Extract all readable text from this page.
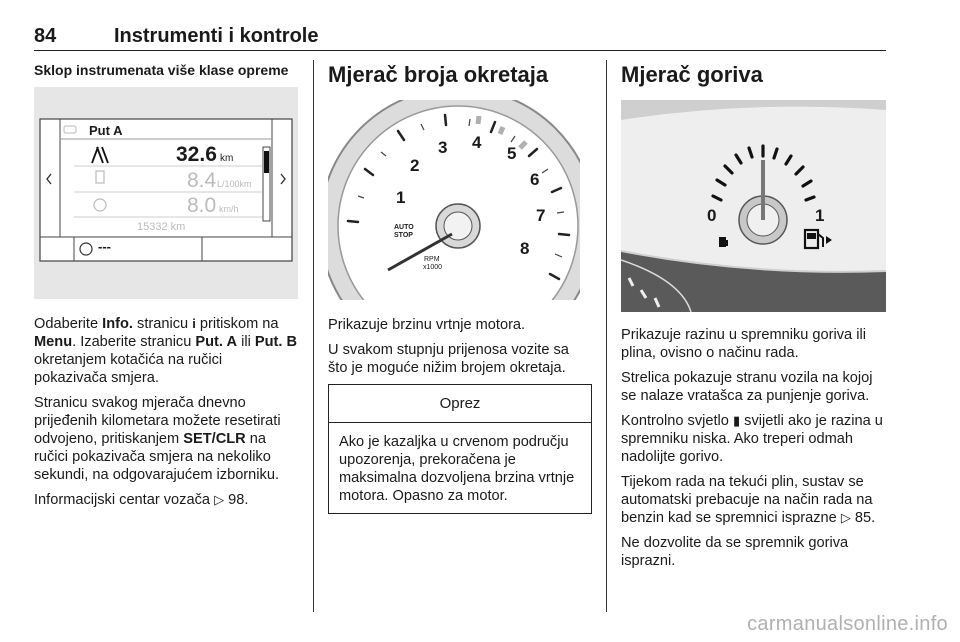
84	Instrumenti i kontrole
Sklop instrumenata više klase opreme
Put A
32.6 km
8.4 L/100km
8.0 km/h
15332 km
---

Odaberite Info. stranicu i pritiskom na Menu. Izaberite stranicu Put. A ili Put. B okretanjem kotačića na ručici pokazivača smjera.

Stranicu svakog mjerača dnevno prijeđenih kilometara možete resetirati odvojeno, pritiskanjem SET/CLR na ručici pokazivača smjera na nekoliko sekundi, na odgovarajućem izborniku.

Informacijski centar vozača ▷ 98.

Mjerač broja okretaja
1
2
3 4
5
6
7
8
AUTO STOP
RPM
x1000

Prikazuje brzinu vrtnje motora.

U svakom stupnju prijenosa vozite sa što je moguće nižim brojem okretaja.

Oprez
Ako je kazaljka u crvenom području upozorenja, prekoračena je maksimalna dozvoljena brzina vrtnje motora. Opasno za motor.
Mjerač goriva
0	1

Prikazuje razinu u spremniku goriva ili plina, ovisno o načinu rada.

Strelica pokazuje stranu vozila na kojoj se nalaze vratašca za punjenje goriva.

Kontrolno svjetlo ▮ svijetli ako je razina u spremniku niska. Ako treperi odmah nadolijte gorivo.

Tijekom rada na tekući plin, sustav se automatski prebacuje na način rada na benzin kad se spremnici isprazne ▷ 85.

Ne dozvolite da se spremnik goriva isprazni.

carmanualsonline.info
